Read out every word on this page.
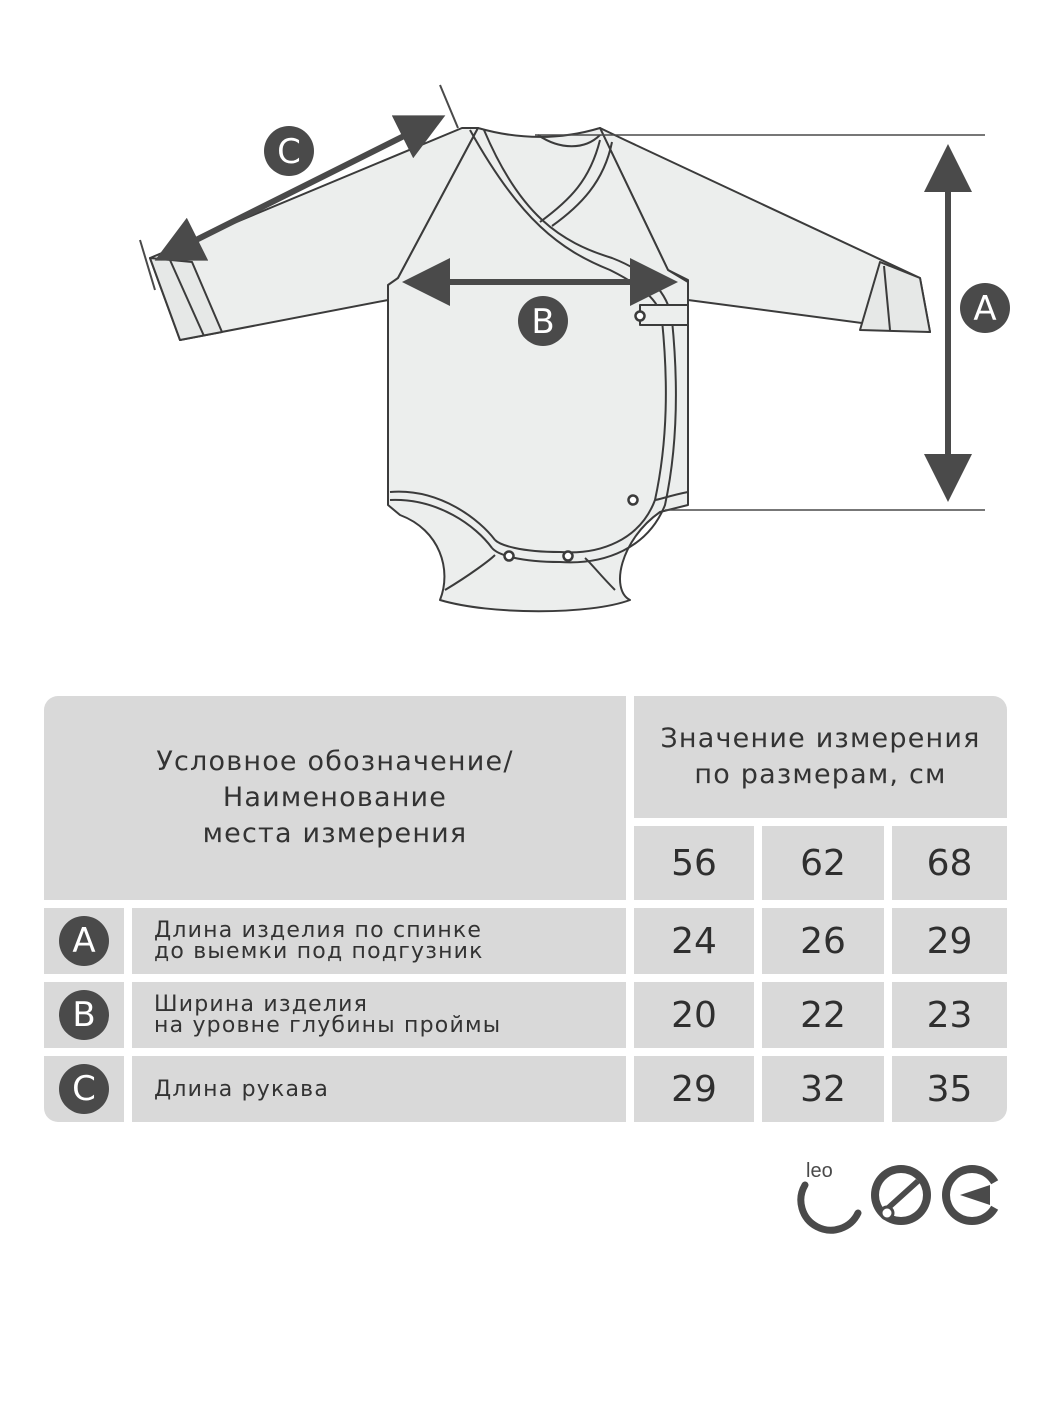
C
B	A
Условное обозначение/
Наименование
места измерения
Значение измерения
по размерам, см
56	62	68
A	Длина изделия по спинке
до выемки под подгузник	24	26	29
B	Ширина изделия
на уровне глубины проймы	20	22	23
C	Длина рукава	29	32	35
leo
